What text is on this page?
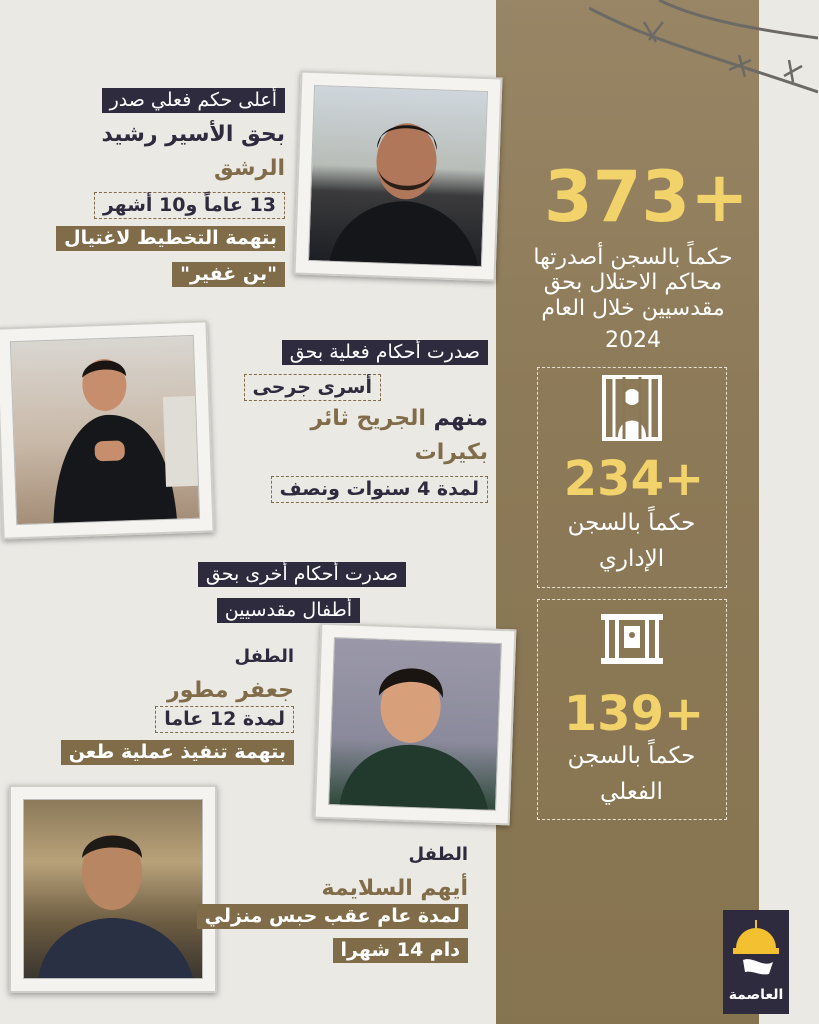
373+
حكماً بالسجن أصدرتها محاكم الاحتلال بحق مقدسيين خلال العام
2024
234+
حكماً بالسجن
الإداري
139+
حكماً بالسجن
الفعلي
العاصمة
أعلى حكم فعلي صدر
بحق الأسير رشيد
الرشق
13 عاماً و10 أشهر
بتهمة التخطيط لاغتيال
"بن غفير"
صدرت أحكام فعلية بحق
أسرى جرحى
منهم الجريح ثائر
بكيرات
لمدة 4 سنوات ونصف
صدرت أحكام أخرى بحق
أطفال مقدسيين
الطفل
جعفر مطور
لمدة 12 عاما
بتهمة تنفيذ عملية طعن
الطفل
أيهم السلايمة
لمدة عام عقب حبس منزلي
دام 14 شهرا
